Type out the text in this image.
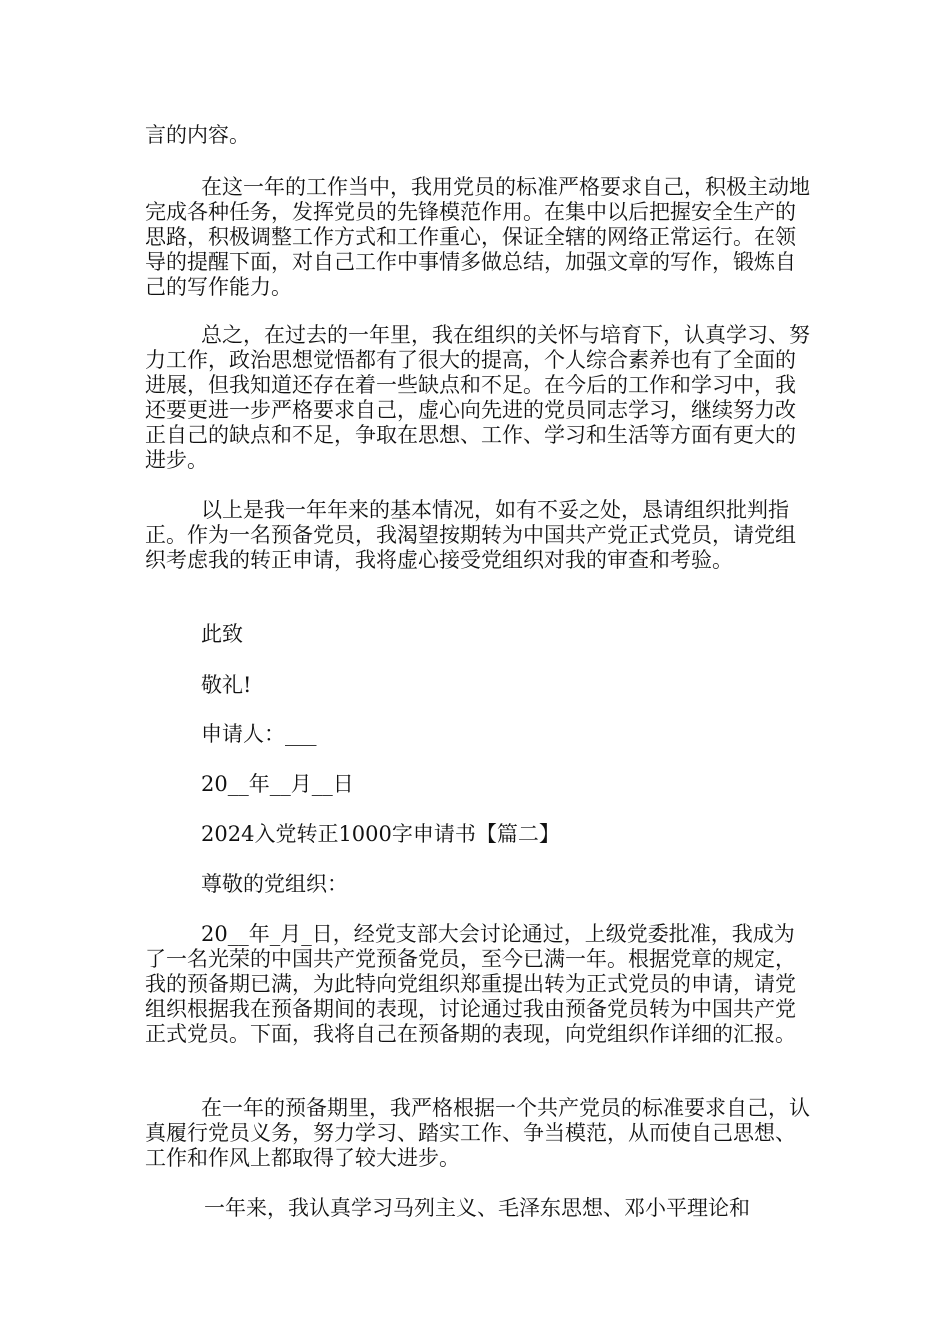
言的内容。

在这一年的工作当中，我用党员的标准严格要求自己，积极主动地完成各种任务，发挥党员的先锋模范作用。在集中以后把握安全生产的思路，积极调整工作方式和工作重心，保证全辖的网络正常运行。在领导的提醒下面，对自己工作中事情多做总结，加强文章的写作，锻炼自己的写作能力。

总之，在过去的一年里，我在组织的关怀与培育下，认真学习、努力工作，政治思想觉悟都有了很大的提高，个人综合素养也有了全面的进展，但我知道还存在着一些缺点和不足。在今后的工作和学习中，我还要更进一步严格要求自己，虚心向先进的党员同志学习，继续努力改正自己的缺点和不足，争取在思想、工作、学习和生活等方面有更大的进步。

以上是我一年年来的基本情况，如有不妥之处，恳请组织批判指正。作为一名预备党员，我渴望按期转为中国共产党正式党员，请党组织考虑我的转正申请，我将虚心接受党组织对我的审查和考验。

此致

敬礼!

申请人：___

20__年__月__日

2024入党转正1000字申请书【篇二】

尊敬的党组织：

20__年_月_日，经党支部大会讨论通过，上级党委批准，我成为了一名光荣的中国共产党预备党员，至今已满一年。根据党章的规定，我的预备期已满，为此特向党组织郑重提出转为正式党员的申请，请党组织根据我在预备期间的表现，讨论通过我由预备党员转为中国共产党正式党员。下面，我将自己在预备期的表现，向党组织作详细的汇报。

在一年的预备期里，我严格根据一个共产党员的标准要求自己，认真履行党员义务，努力学习、踏实工作、争当模范，从而使自己思想、工作和作风上都取得了较大进步。

一年来，我认真学习马列主义、毛泽东思想、邓小平理论和
